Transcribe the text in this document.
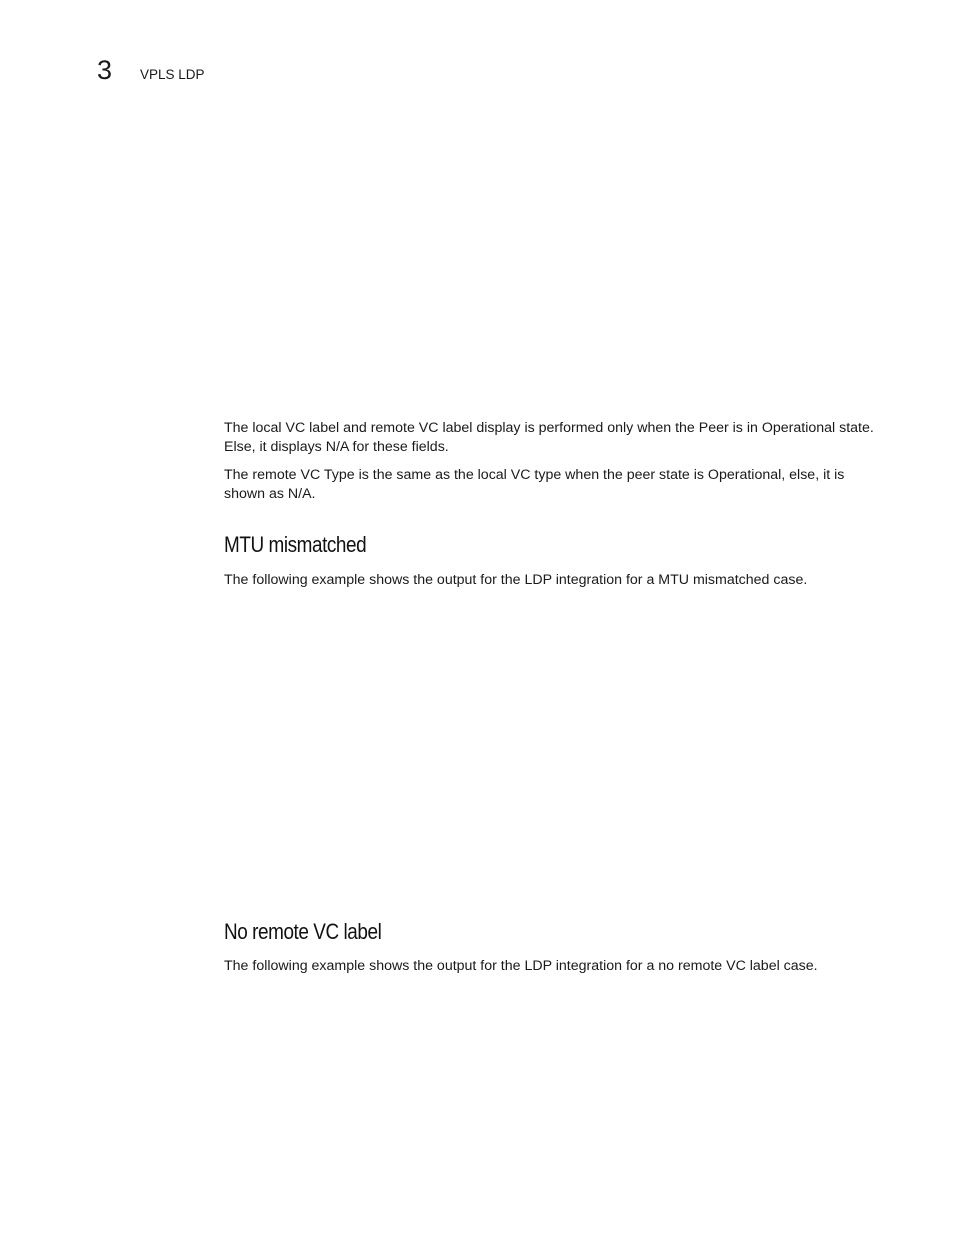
3 VPLS LDP

The local VC label and remote VC label display is performed only when the Peer is in Operational state. Else, it displays N/A for these fields.

The remote VC Type is the same as the local VC type when the peer state is Operational, else, it is shown as N/A.

MTU mismatched

The following example shows the output for the LDP integration for a MTU mismatched case.

No remote VC label

The following example shows the output for the LDP integration for a no remote VC label case.
